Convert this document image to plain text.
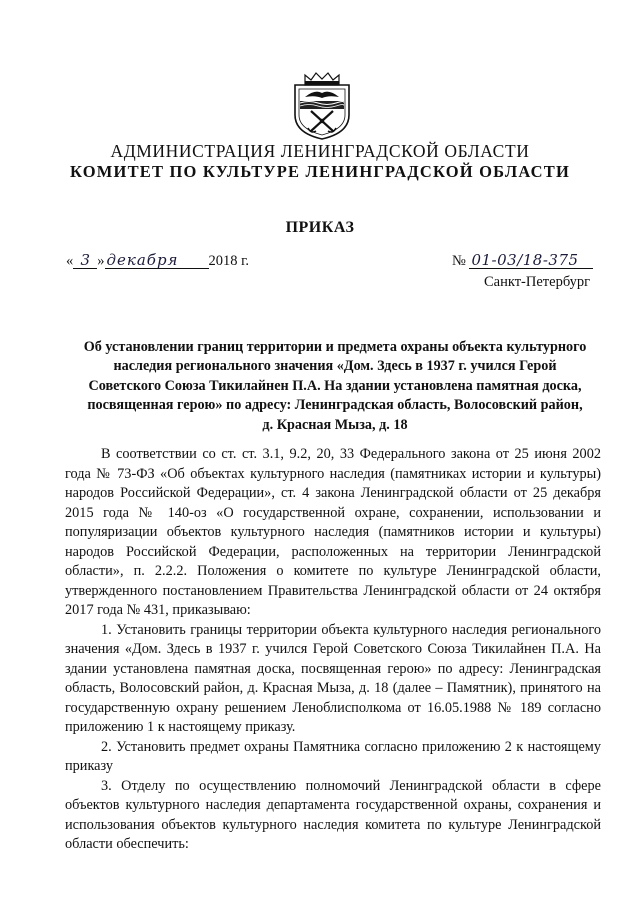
АДМИНИСТРАЦИЯ ЛЕНИНГРАДСКОЙ ОБЛАСТИ
КОМИТЕТ ПО КУЛЬТУРЕ ЛЕНИНГРАДСКОЙ ОБЛАСТИ
ПРИКАЗ
« 3 » декабря 2018 г.	№ 01-03/18-375
Санкт-Петербург
Об установлении границ территории и предмета охраны объекта культурного
наследия регионального значения «Дом. Здесь в 1937 г. учился Герой
Советского Союза Тикилайнен П.А. На здании установлена памятная доска,
посвященная герою» по адресу: Ленинградская область, Волосовский район,
д. Красная Мыза, д. 18

В соответствии со ст. ст. 3.1, 9.2, 20, 33 Федерального закона от 25 июня 2002 года № 73-ФЗ «Об объектах культурного наследия (памятниках истории и культуры) народов Российской Федерации», ст. 4 закона Ленинградской области от 25 декабря 2015 года № 140-оз «О государственной охране, сохранении, использовании и популяризации объектов культурного наследия (памятников истории и культуры) народов Российской Федерации, расположенных на территории Ленинградской области», п. 2.2.2. Положения о комитете по культуре Ленинградской области, утвержденного постановлением Правительства Ленинградской области от 24 октября 2017 года № 431, приказываю:

1. Установить границы территории объекта культурного наследия регионального значения «Дом. Здесь в 1937 г. учился Герой Советского Союза Тикилайнен П.А. На здании установлена памятная доска, посвященная герою» по адресу: Ленинградская область, Волосовский район, д. Красная Мыза, д. 18 (далее – Памятник), принятого на государственную охрану решением Леноблисполкома от 16.05.1988 № 189 согласно приложению 1 к настоящему приказу.

2. Установить предмет охраны Памятника согласно приложению 2 к настоящему приказу

3. Отделу по осуществлению полномочий Ленинградской области в сфере объектов культурного наследия департамента государственной охраны, сохранения и использования объектов культурного наследия комитета по культуре Ленинградской области обеспечить:
